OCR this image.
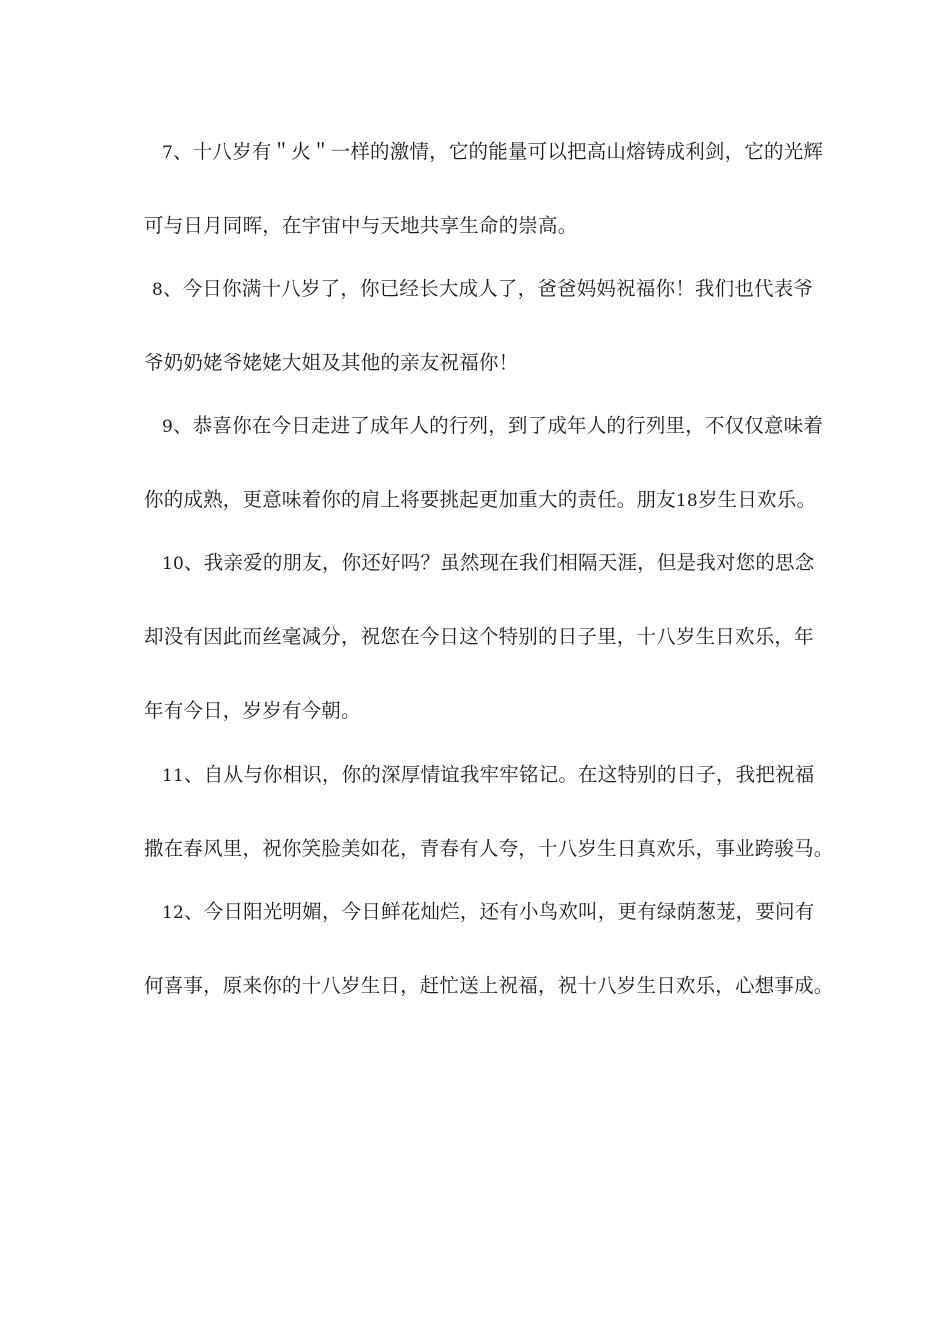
7、十八岁有＂火＂一样的激情，它的能量可以把高山熔铸成利剑，它的光辉
可与日月同晖，在宇宙中与天地共享生命的崇高。
8、今日你满十八岁了，你已经长大成人了，爸爸妈妈祝福你！我们也代表爷
爷奶奶姥爷姥姥大姐及其他的亲友祝福你！
9、恭喜你在今日走进了成年人的行列，到了成年人的行列里，不仅仅意味着
你的成熟，更意味着你的肩上将要挑起更加重大的责任。朋友18岁生日欢乐。
10、我亲爱的朋友，你还好吗？虽然现在我们相隔天涯，但是我对您的思念
却没有因此而丝毫减分，祝您在今日这个特别的日子里，十八岁生日欢乐，年
年有今日，岁岁有今朝。
11、自从与你相识，你的深厚情谊我牢牢铭记。在这特别的日子，我把祝福
撒在春风里，祝你笑脸美如花，青春有人夸，十八岁生日真欢乐，事业跨骏马。
12、今日阳光明媚，今日鲜花灿烂，还有小鸟欢叫，更有绿荫葱茏，要问有
何喜事，原来你的十八岁生日，赶忙送上祝福，祝十八岁生日欢乐，心想事成。
